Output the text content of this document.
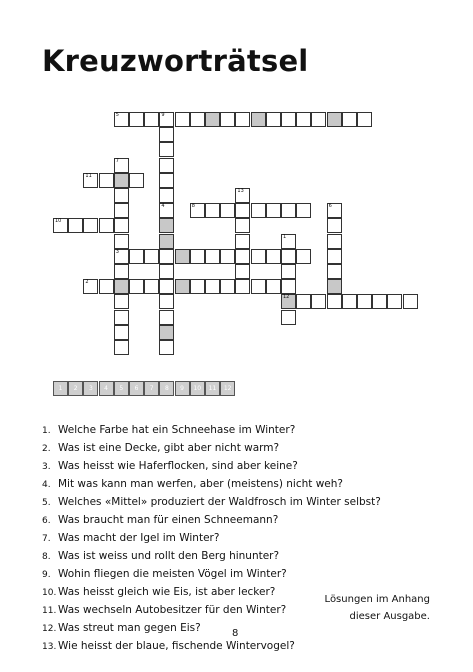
Kreuzworträtsel
5	9
11
8
10
3
2
12
7
4
13
1
6
1	2	3	4	5	6	7	8	9	10	11	12
1. Welche Farbe hat ein Schneehase im Winter?
2. Was ist eine Decke, gibt aber nicht warm?
3. Was heisst wie Haferflocken, sind aber keine?
4. Mit was kann man werfen, aber (meistens) nicht weh?
5. Welches «Mittel» produziert der Waldfrosch im Winter selbst?
6. Was braucht man für einen Schneemann?
7. Was macht der Igel im Winter?
8. Was ist weiss und rollt den Berg hinunter?
9. Wohin fliegen die meisten Vögel im Winter?
10. Was heisst gleich wie Eis, ist aber lecker?
11. Was wechseln Autobesitzer für den Winter?
12. Was streut man gegen Eis?
13. Wie heisst der blaue, fischende Wintervogel?
Lösungen im Anhang
dieser Ausgabe.
8
